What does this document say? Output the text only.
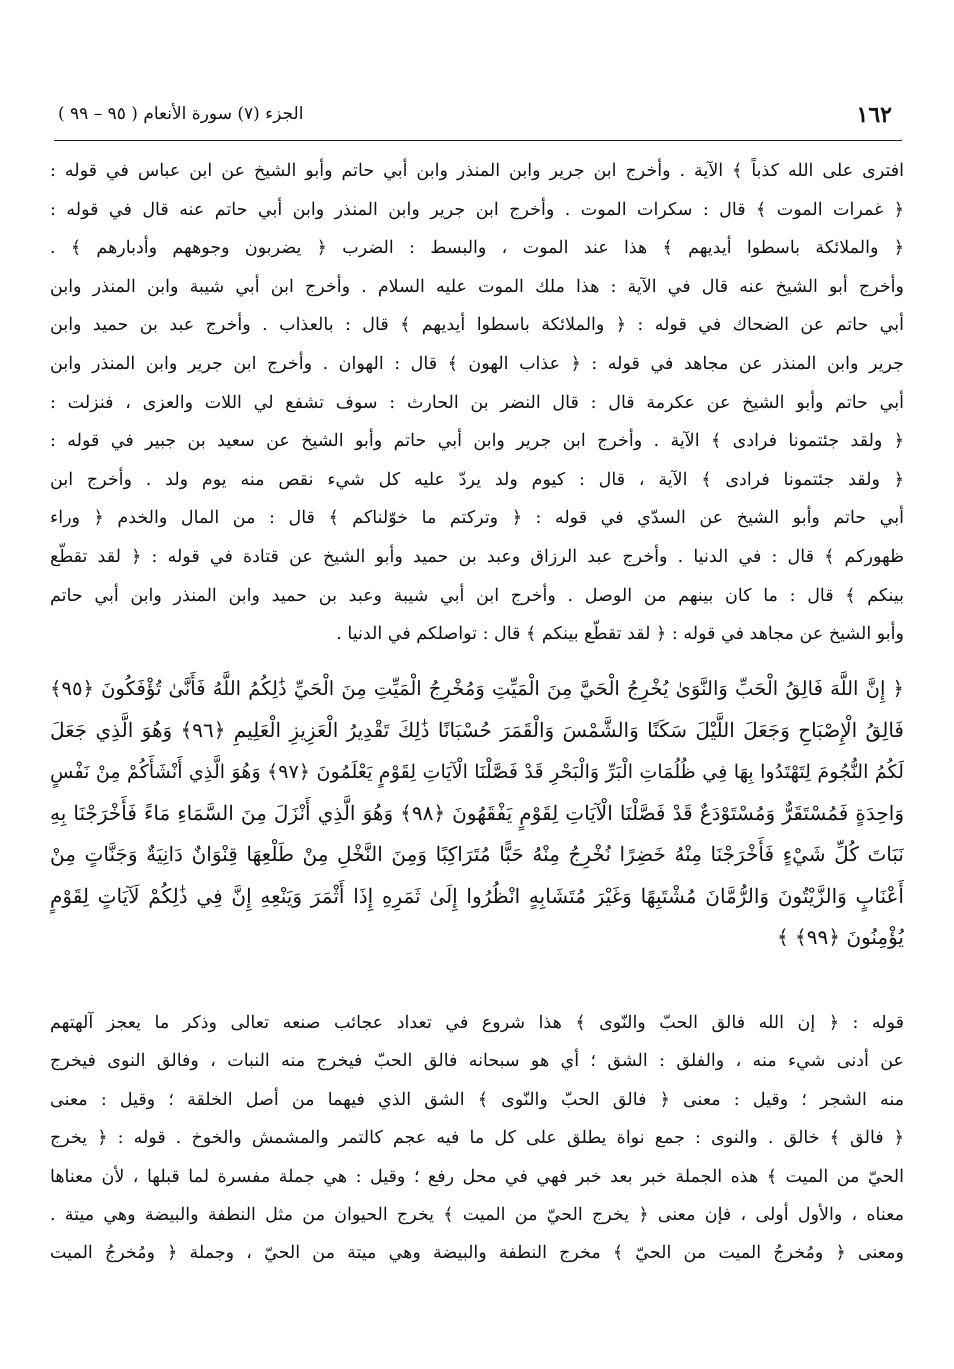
١٦٢
الجزء (٧) سورة الأنعام ( ٩٥ – ٩٩ )
افترى على الله كذباً ﴾ الآية . وأخرج ابن جرير وابن المنذر وابن أبي حاتم وأبو الشيخ عن ابن عباس في قوله :
﴿ غمرات الموت ﴾ قال : سكرات الموت . وأخرج ابن جرير وابن المنذر وابن أبي حاتم عنه قال في قوله :
﴿ والملائكة باسطوا أيديهم ﴾ هذا عند الموت ، والبسط : الضرب ﴿ يضربون وجوههم وأدبارهم ﴾ .
وأخرج أبو الشيخ عنه قال في الآية : هذا ملك الموت عليه السلام . وأخرج ابن أبي شيبة وابن المنذر وابن
أبي حاتم عن الضحاك في قوله : ﴿ والملائكة باسطوا أيديهم ﴾ قال : بالعذاب . وأخرج عبد بن حميد وابن
جرير وابن المنذر عن مجاهد في قوله : ﴿ عذاب الهون ﴾ قال : الهوان . وأخرج ابن جرير وابن المنذر وابن
أبي حاتم وأبو الشيخ عن عكرمة قال : قال النضر بن الحارث : سوف تشفع لي اللات والعزى ، فنزلت :
﴿ ولقد جئتمونا فرادى ﴾ الآية . وأخرج ابن جرير وابن أبي حاتم وأبو الشيخ عن سعيد بن جبير في قوله :
﴿ ولقد جئتمونا فرادى ﴾ الآية ، قال : كيوم ولد يردّ عليه كل شيء نقص منه يوم ولد . وأخرج ابن
أبي حاتم وأبو الشيخ عن السدّي في قوله : ﴿ وتركتم ما خوّلناكم ﴾ قال : من المال والخدم ﴿ وراء
ظهوركم ﴾ قال : في الدنيا . وأخرج عبد الرزاق وعبد بن حميد وأبو الشيخ عن قتادة في قوله : ﴿ لقد تقطّع
بينكم ﴾ قال : ما كان بينهم من الوصل . وأخرج ابن أبي شيبة وعبد بن حميد وابن المنذر وابن أبي حاتم
وأبو الشيخ عن مجاهد في قوله : ﴿ لقد تقطّع بينكم ﴾ قال : تواصلكم في الدنيا .
﴿ إِنَّ اللَّهَ فَالِقُ الْحَبِّ وَالنَّوَىٰ يُخْرِجُ الْحَيَّ مِنَ الْمَيِّتِ وَمُخْرِجُ الْمَيِّتِ مِنَ الْحَيِّ ذَٰلِكُمُ اللَّهُ فَأَنَّىٰ تُؤْفَكُونَ ﴿٩٥﴾
فَالِقُ الْإِصْبَاحِ وَجَعَلَ اللَّيْلَ سَكَنًا وَالشَّمْسَ وَالْقَمَرَ حُسْبَانًا ذَٰلِكَ تَقْدِيرُ الْعَزِيزِ الْعَلِيمِ ﴿٩٦﴾ وَهُوَ الَّذِي جَعَلَ
لَكُمُ النُّجُومَ لِتَهْتَدُوا بِهَا فِي ظُلُمَاتِ الْبَرِّ وَالْبَحْرِ قَدْ فَصَّلْنَا الْآيَاتِ لِقَوْمٍ يَعْلَمُونَ ﴿٩٧﴾ وَهُوَ الَّذِي أَنْشَأَكُمْ مِنْ نَفْسٍ
وَاحِدَةٍ فَمُسْتَقَرٌّ وَمُسْتَوْدَعٌ قَدْ فَصَّلْنَا الْآيَاتِ لِقَوْمٍ يَفْقَهُونَ ﴿٩٨﴾ وَهُوَ الَّذِي أَنْزَلَ مِنَ السَّمَاءِ مَاءً فَأَخْرَجْنَا بِهِ
نَبَاتَ كُلِّ شَيْءٍ فَأَخْرَجْنَا مِنْهُ خَضِرًا نُخْرِجُ مِنْهُ حَبًّا مُتَرَاكِبًا وَمِنَ النَّخْلِ مِنْ طَلْعِهَا قِنْوَانٌ دَانِيَةٌ وَجَنَّاتٍ مِنْ
أَعْنَابٍ وَالزَّيْتُونَ وَالرُّمَّانَ مُشْتَبِهًا وَغَيْرَ مُتَشَابِهٍ انْظُرُوا إِلَىٰ ثَمَرِهِ إِذَا أَثْمَرَ وَيَنْعِهِ إِنَّ فِي ذَٰلِكُمْ لَآيَاتٍ لِقَوْمٍ
يُؤْمِنُونَ ﴿٩٩﴾ ﴾
قوله : ﴿ إن الله فالق الحبّ والنّوى ﴾ هذا شروع في تعداد عجائب صنعه تعالى وذكر ما يعجز آلهتهم
عن أدنى شيء منه ، والفلق : الشق ؛ أي هو سبحانه فالق الحبّ فيخرج منه النبات ، وفالق النوى فيخرج
منه الشجر ؛ وقيل : معنى ﴿ فالق الحبّ والنّوى ﴾ الشق الذي فيهما من أصل الخلقة ؛ وقيل : معنى
﴿ فالق ﴾ خالق . والنوى : جمع نواة يطلق على كل ما فيه عجم كالتمر والمشمش والخوخ . قوله : ﴿ يخرج
الحيّ من الميت ﴾ هذه الجملة خبر بعد خبر فهي في محل رفع ؛ وقيل : هي جملة مفسرة لما قبلها ، لأن معناها
معناه ، والأول أولى ، فإن معنى ﴿ يخرج الحيّ من الميت ﴾ يخرج الحيوان من مثل النطفة والبيضة وهي ميتة .
ومعنى ﴿ ومُخرجُ الميت من الحيّ ﴾ مخرج النطفة والبيضة وهي ميتة من الحيّ ، وجملة ﴿ ومُخرجُ الميت
